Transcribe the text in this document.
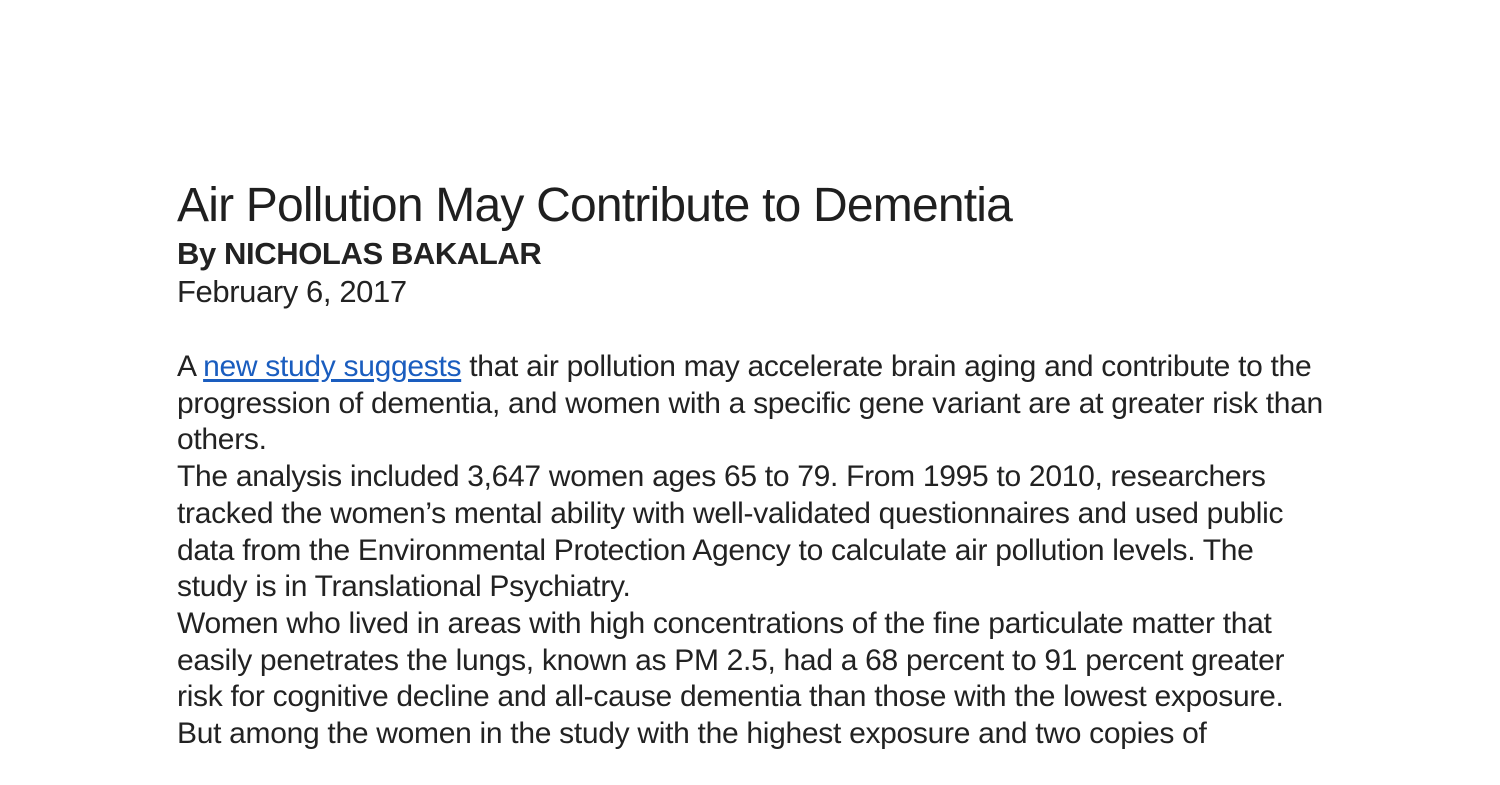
Air Pollution May Contribute to Dementia

By NICHOLAS BAKALAR

February 6, 2017

A new study suggests that air pollution may accelerate brain aging and contribute to the progression of dementia, and women with a specific gene variant are at greater risk than others.

The analysis included 3,647 women ages 65 to 79. From 1995 to 2010, researchers tracked the women’s mental ability with well-validated questionnaires and used public data from the Environmental Protection Agency to calculate air pollution levels. The study is in Translational Psychiatry.

Women who lived in areas with high concentrations of the fine particulate matter that easily penetrates the lungs, known as PM 2.5, had a 68 percent to 91 percent greater risk for cognitive decline and all-cause dementia than those with the lowest exposure.

But among the women in the study with the highest exposure and two copies of
